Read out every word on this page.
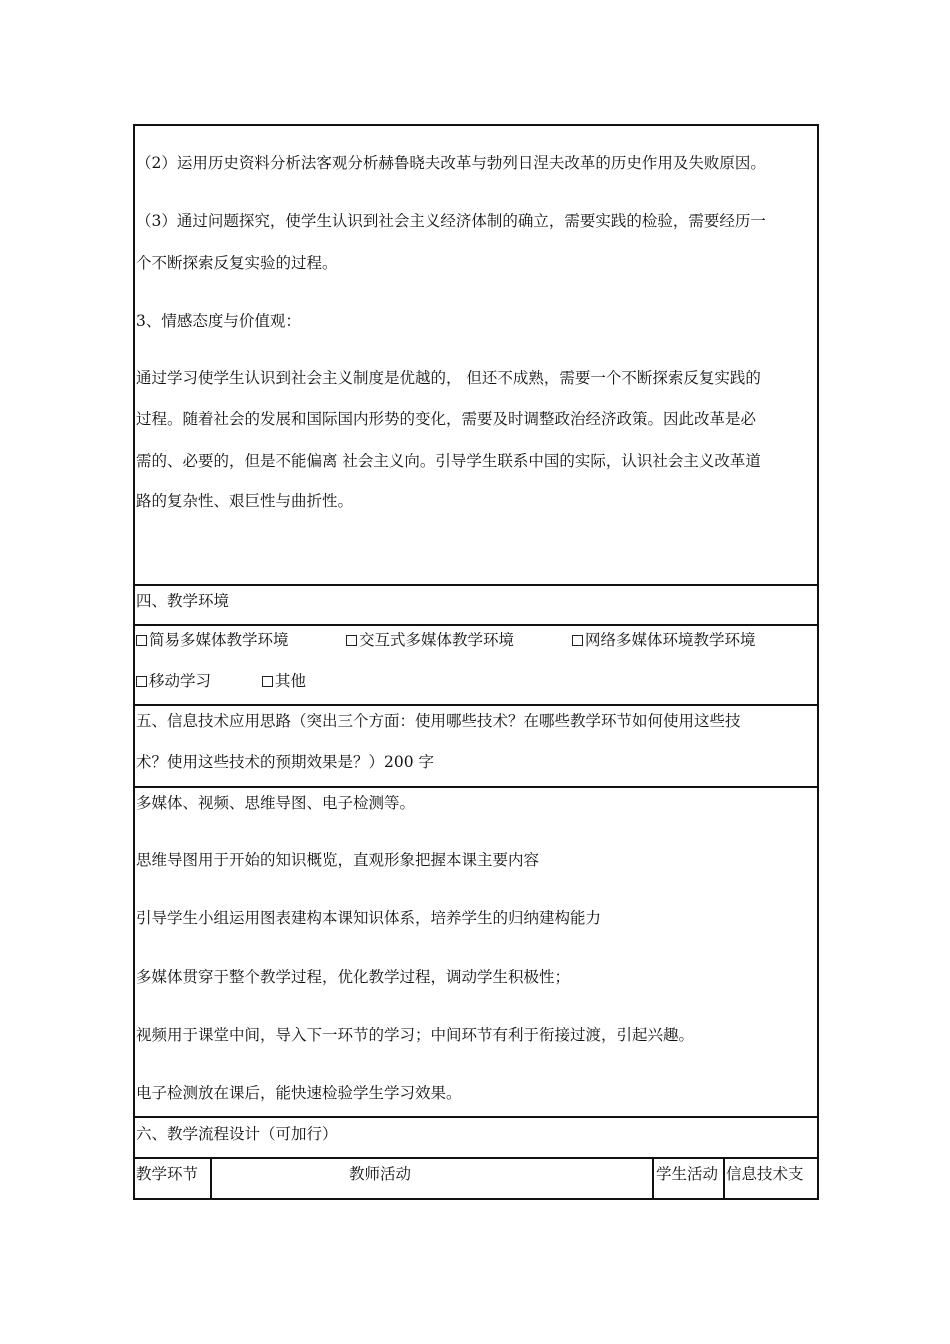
（2）运用历史资料分析法客观分析赫鲁晓夫改革与勃列日涅夫改革的历史作用及失败原因。
（3）通过问题探究，使学生认识到社会主义经济体制的确立，需要实践的检验，需要经历一
个不断探索反复实验的过程。
3、情感态度与价值观：
通过学习使学生认识到社会主义制度是优越的， 但还不成熟，需要一个不断探索反复实践的
过程。随着社会的发展和国际国内形势的变化，需要及时调整政治经济政策。因此改革是必
需的、必要的，但是不能偏离 社会主义向。引导学生联系中国的实际，认识社会主义改革道
路的复杂性、艰巨性与曲折性。
四、教学环境
简易多媒体教学环境	交互式多媒体教学环境	网络多媒体环境教学环境
移动学习	其他
五、信息技术应用思路（突出三个方面：使用哪些技术？在哪些教学环节如何使用这些技
术？使用这些技术的预期效果是？）200 字
多媒体、视频、思维导图、电子检测等。
思维导图用于开始的知识概览，直观形象把握本课主要内容
引导学生小组运用图表建构本课知识体系，培养学生的归纳建构能力
多媒体贯穿于整个教学过程，优化教学过程，调动学生积极性；
视频用于课堂中间，导入下一环节的学习；中间环节有利于衔接过渡，引起兴趣。
电子检测放在课后，能快速检验学生学习效果。
六、教学流程设计（可加行）
教学环节	教师活动	学生活动 信息技术支
